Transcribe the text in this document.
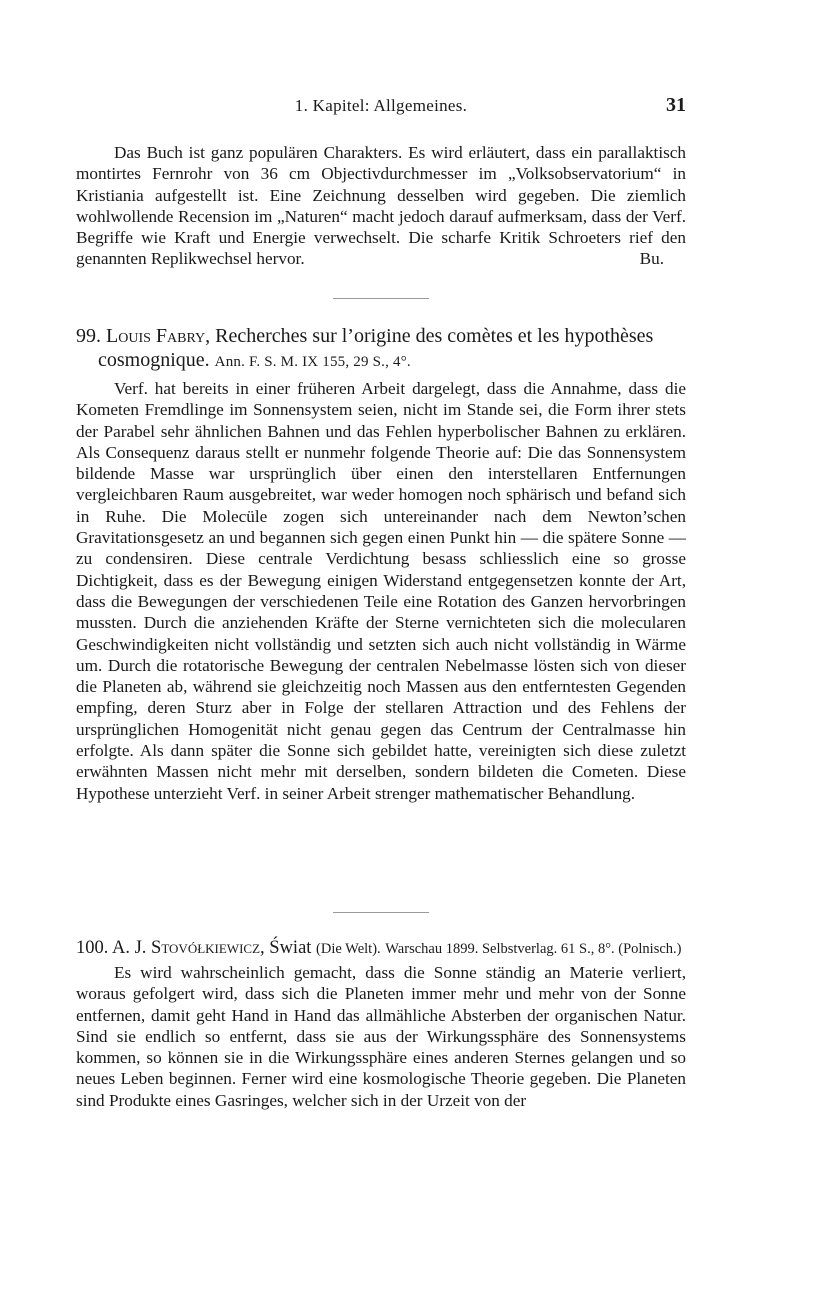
1. Kapitel: Allgemeines.	31

Das Buch ist ganz populären Charakters. Es wird erläutert, dass ein parallaktisch montirtes Fernrohr von 36 cm Objectivdurchmesser im „Volksobservatorium“ in Kristiania aufgestellt ist. Eine Zeichnung desselben wird gegeben. Die ziemlich wohlwollende Recension im „Naturen“ macht jedoch darauf aufmerksam, dass der Verf. Begriffe wie Kraft und Energie verwechselt. Die scharfe Kritik Schroeters rief den genannten Replikwechsel hervor.	Bu.

99. Louis Fabry, Recherches sur l’origine des comètes et les hypothèses cosmognique. Ann. F. S. M. IX 155, 29 S., 4°.

Verf. hat bereits in einer früheren Arbeit dargelegt, dass die Annahme, dass die Kometen Fremdlinge im Sonnensystem seien, nicht im Stande sei, die Form ihrer stets der Parabel sehr ähnlichen Bahnen und das Fehlen hyperbolischer Bahnen zu erklären. Als Consequenz daraus stellt er nunmehr folgende Theorie auf: Die das Sonnensystem bildende Masse war ursprünglich über einen den interstellaren Entfernungen vergleichbaren Raum ausgebreitet, war weder homogen noch sphärisch und befand sich in Ruhe. Die Molecüle zogen sich untereinander nach dem Newton’schen Gravitationsgesetz an und begannen sich gegen einen Punkt hin — die spätere Sonne — zu condensiren. Diese centrale Verdichtung besass schliesslich eine so grosse Dichtigkeit, dass es der Bewegung einigen Widerstand entgegensetzen konnte der Art, dass die Bewegungen der verschiedenen Teile eine Rotation des Ganzen hervorbringen mussten. Durch die anziehenden Kräfte der Sterne vernichteten sich die molecularen Geschwindigkeiten nicht vollständig und setzten sich auch nicht vollständig in Wärme um. Durch die rotatorische Bewegung der centralen Nebelmasse lösten sich von dieser die Planeten ab, während sie gleichzeitig noch Massen aus den entferntesten Gegenden empfing, deren Sturz aber in Folge der stellaren Attraction und des Fehlens der ursprünglichen Homogenität nicht genau gegen das Centrum der Centralmasse hin erfolgte. Als dann später die Sonne sich gebildet hatte, vereinigten sich diese zuletzt erwähnten Massen nicht mehr mit derselben, sondern bildeten die Cometen. Diese Hypothese unterzieht Verf. in seiner Arbeit strenger mathematischer Behandlung.

100. A. J. Stovółkiewicz, Świat (Die Welt). Warschau 1899. Selbstverlag. 61 S., 8°. (Polnisch.)

Es wird wahrscheinlich gemacht, dass die Sonne ständig an Materie verliert, woraus gefolgert wird, dass sich die Planeten immer mehr und mehr von der Sonne entfernen, damit geht Hand in Hand das allmähliche Absterben der organischen Natur. Sind sie endlich so entfernt, dass sie aus der Wirkungssphäre des Sonnensystems kommen, so können sie in die Wirkungssphäre eines anderen Sternes gelangen und so neues Leben beginnen. Ferner wird eine kosmologische Theorie gegeben. Die Planeten sind Produkte eines Gasringes, welcher sich in der Urzeit von der
